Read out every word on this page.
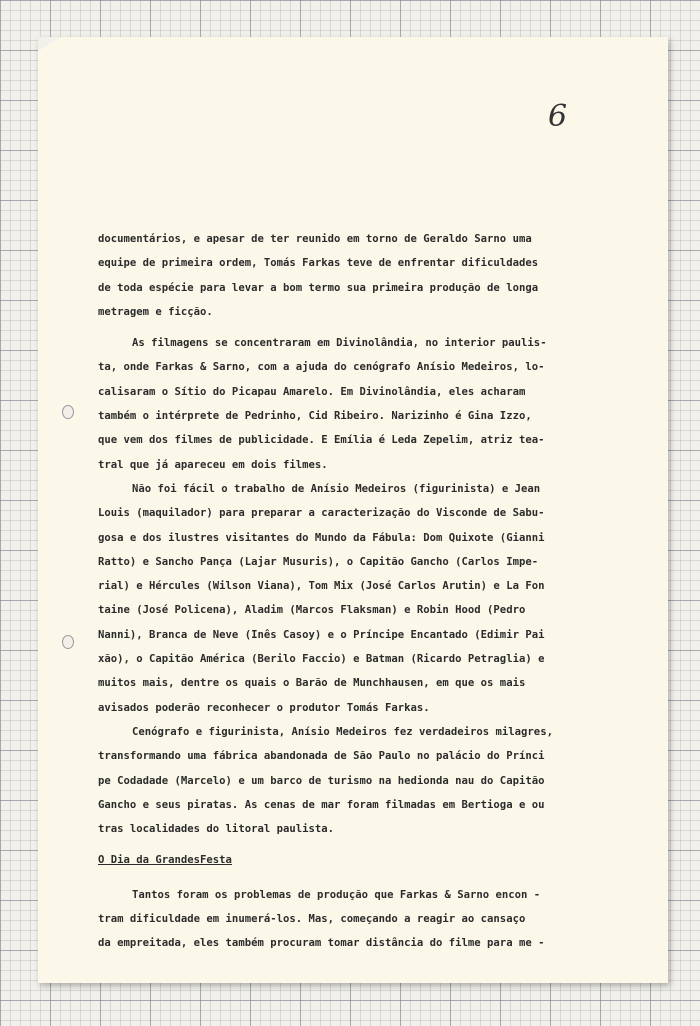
6
documentários, e apesar de ter reunido em torno de Geraldo Sarno uma
equipe de primeira ordem, Tomás Farkas teve de enfrentar dificuldades
de toda espécie para levar a bom termo sua primeira produção de longa
metragem e ficção.
As filmagens se concentraram em Divinolândia, no interior paulis-
ta, onde Farkas & Sarno, com a ajuda do cenógrafo Anísio Medeiros, lo-
calisaram o Sítio do Picapau Amarelo. Em Divinolândia, eles acharam
também o intérprete de Pedrinho, Cid Ribeiro. Narizinho é Gina Izzo,
que vem dos filmes de publicidade. E Emília é Leda Zepelim, atriz tea-
tral que já apareceu em dois filmes.
Não foi fácil o trabalho de Anísio Medeiros (figurinista) e Jean
Louis (maquilador) para preparar a caracterização do Visconde de Sabu-
gosa e dos ilustres visitantes do Mundo da Fábula: Dom Quixote (Gianni
Ratto) e Sancho Pança (Lajar Musuris), o Capitão Gancho (Carlos Impe-
rial) e Hércules (Wilson Viana), Tom Mix (José Carlos Arutin) e La Fon
taine (José Policena), Aladim (Marcos Flaksman) e Robin Hood (Pedro
Nanni), Branca de Neve (Inês Casoy) e o Príncipe Encantado (Edimir Pai
xão), o Capitão América (Berilo Faccio) e Batman (Ricardo Petraglia) e
muitos mais, dentre os quais o Barão de Munchhausen, em que os mais
avisados poderão reconhecer o produtor Tomás Farkas.
Cenógrafo e figurinista, Anísio Medeiros fez verdadeiros milagres,
transformando uma fábrica abandonada de São Paulo no palácio do Prínci
pe Codadade (Marcelo) e um barco de turismo na hedionda nau do Capitão
Gancho e seus piratas. As cenas de mar foram filmadas em Bertioga e ou
tras localidades do litoral paulista.
O Dia da GrandesFesta
Tantos foram os problemas de produção que Farkas & Sarno encon -
tram dificuldade em inumerá-los. Mas, começando a reagir ao cansaço
da empreitada, eles também procuram tomar distância do filme para me -
